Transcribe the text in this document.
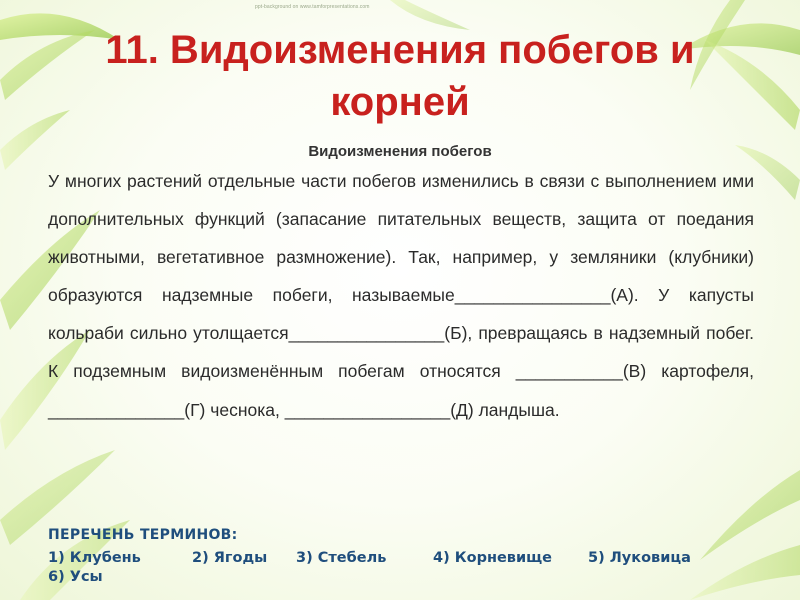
ppt-background on www.tamforpresentations.com
11. Видоизменения побегов и корней
Видоизменения побегов

У многих растений отдельные части побегов изменились в связи с выполнением ими дополнительных функций (запасание питательных веществ, защита от поедания животными, вегетативное размножение). Так, например, у земляники (клубники) образуются надземные побеги, называемые________________(А). У капусты кольраби сильно утолщается________________(Б), превращаясь в надземный побег. К подземным видоизменённым побегам относятся ___________(В) картофеля, ______________(Г) чеснока, _________________(Д) ландыша.

ПЕРЕЧЕНЬ ТЕРМИНОВ:
1) Клубень	2) Ягоды 3) Стебель	4) Корневище 5) Луковица
6) Усы
